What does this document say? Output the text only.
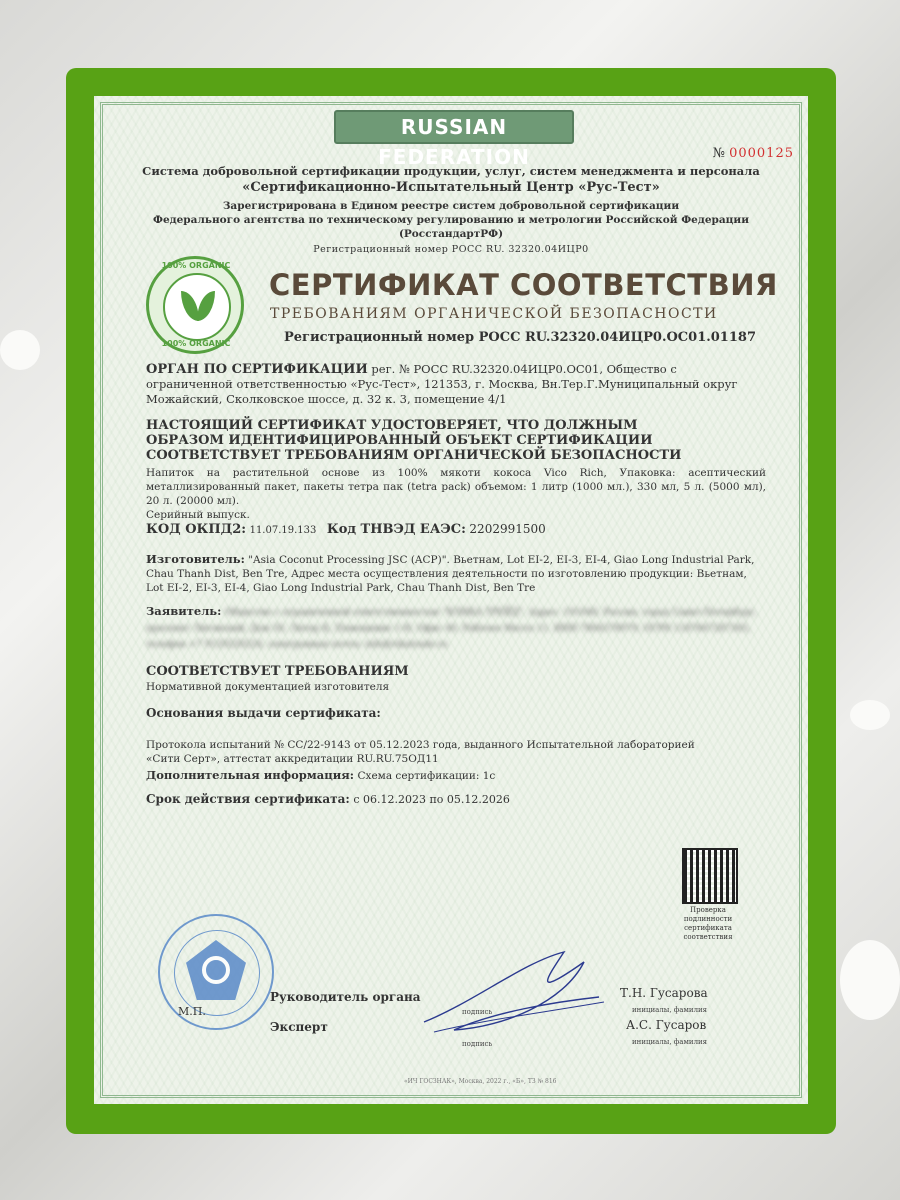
RUSSIAN FEDERATION	№ 0000125
Система добровольной сертификации продукции, услуг, систем менеджмента и персонала
«Сертификационно-Испытательный Центр «Рус-Тест»
Зарегистрирована в Едином реестре систем добровольной сертификации
Федерального агентства по техническому регулированию и метрологии Российской Федерации
(РосстандартРФ)
Регистрационный номер РОСС RU. 32320.04ИЦР0
100% ORGANIC
100% ORGANIC
СЕРТИФИКАТ СООТВЕТСТВИЯ
ТРЕБОВАНИЯМ ОРГАНИЧЕСКОЙ БЕЗОПАСНОСТИ
Регистрационный номер РОСС RU.32320.04ИЦР0.ОС01.01187
ОРГАН ПО СЕРТИФИКАЦИИ рег. № РОСС RU.32320.04ИЦР0.ОС01, Общество с ограниченной ответственностью «Рус-Тест», 121353, г. Москва, Вн.Тер.Г.Муниципальный округ Можайский, Сколковское шоссе, д. 32 к. 3, помещение 4/1
НАСТОЯЩИЙ СЕРТИФИКАТ УДОСТОВЕРЯЕТ, ЧТО ДОЛЖНЫМ ОБРАЗОМ ИДЕНТИФИЦИРОВАННЫЙ ОБЪЕКТ СЕРТИФИКАЦИИ СООТВЕТСТВУЕТ ТРЕБОВАНИЯМ ОРГАНИЧЕСКОЙ БЕЗОПАСНОСТИ
Напиток на растительной основе из 100% мякоти кокоса Vico Rich, Упаковка: асептический металлизированный пакет, пакеты тетра пак (tetra pack) объемом: 1 литр (1000 мл.), 330 мл, 5 л. (5000 мл), 20 л. (20000 мл).
Серийный выпуск.
КОД ОКПД2: 11.07.19.133 Код ТНВЭД ЕАЭС: 2202991500
Изготовитель: "Asia Coconut Processing JSC (ACP)". Вьетнам, Lot EI-2, EI-3, EI-4, Giao Long Industrial Park, Chau Thanh Dist, Ben Tre, Адрес места осуществления деятельности по изготовлению продукции: Вьетнам, Lot EI-2, EI-3, EI-4, Giao Long Industrial Park, Chau Thanh Dist, Ben Tre
Заявитель: Общество с ограниченной ответственностью "ВЛИКА ТРЕЙД". Адрес: 191040, Россия, город Санкт-Петербург, проспект Лиговский, Дом 50, Литер К, Помещение 1-Н, Офис 40, Рабочее Место 11. ИНН 7804378979, ОГРН 1187847287365, телефон +7 9129220224, электронная почта: info@vikatrade.ru
СООТВЕТСТВУЕТ ТРЕБОВАНИЯМ
Нормативной документацией изготовителя
Основания выдачи сертификата:
Протокола испытаний № СС/22-9143 от 05.12.2023 года, выданного Испытательной лабораторией «Сити Серт», аттестат аккредитации RU.RU.75ОД11
Дополнительная информация: Схема сертификации: 1с
Срок действия сертификата: с 06.12.2023 по 05.12.2026
Проверка подлинности сертификата соответствия
М.П.
Руководитель органа
Эксперт
подпись
подпись
Т.Н. Гусарова
инициалы, фамилия
А.С. Гусаров
инициалы, фамилия
«ИЧ ГОСЗНАК», Москва, 2022 г., «Б», ТЗ № 816
